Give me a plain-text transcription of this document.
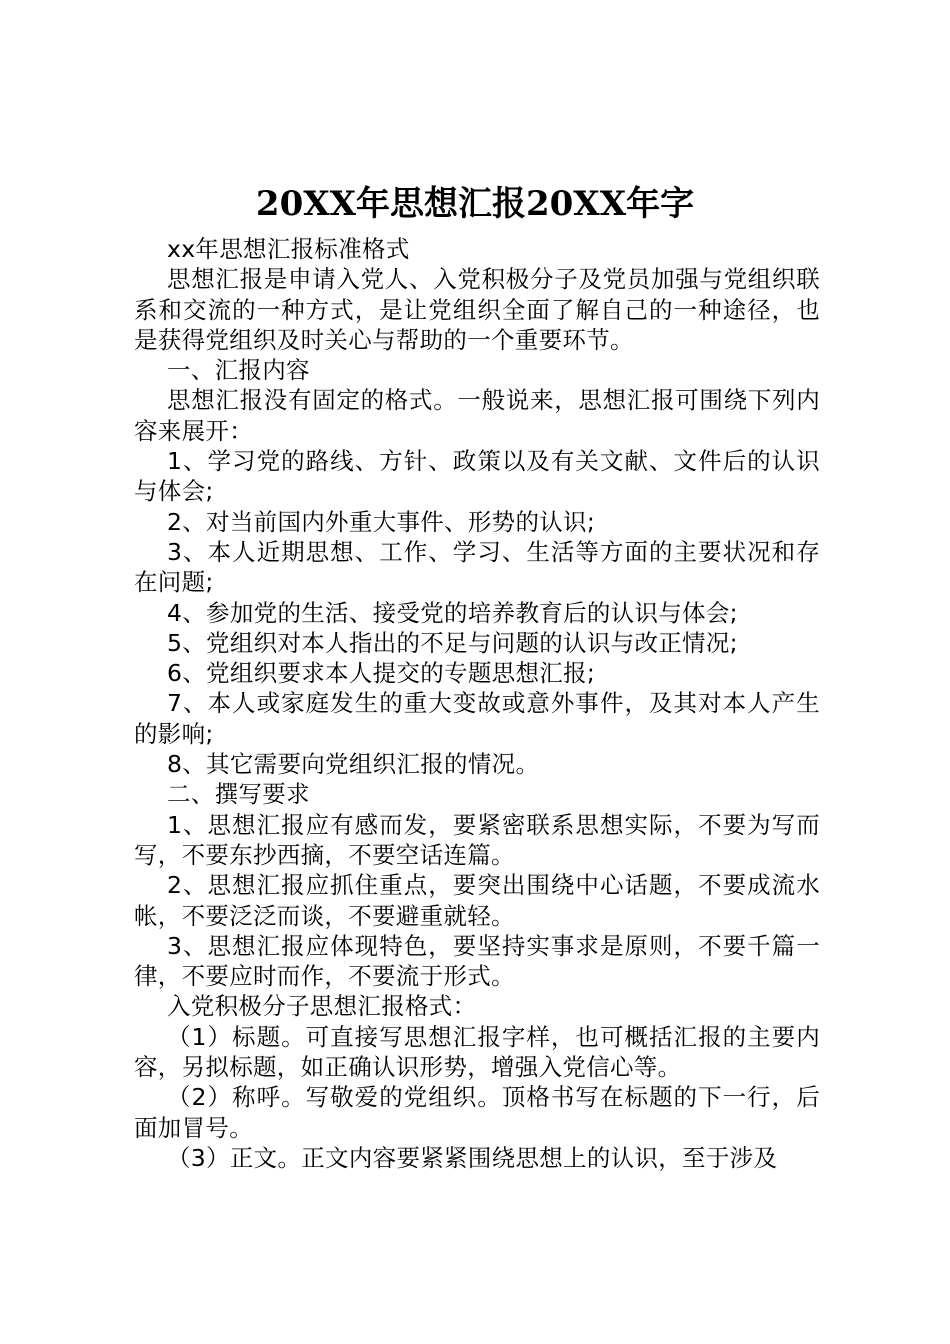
20XX年思想汇报20XX年字

xx年思想汇报标准格式

思想汇报是申请入党人、入党积极分子及党员加强与党组织联系和交流的一种方式，是让党组织全面了解自己的一种途径，也是获得党组织及时关心与帮助的一个重要环节。

一、汇报内容

思想汇报没有固定的格式。一般说来，思想汇报可围绕下列内容来展开：

1、学习党的路线、方针、政策以及有关文献、文件后的认识与体会;

2、对当前国内外重大事件、形势的认识;

3、本人近期思想、工作、学习、生活等方面的主要状况和存在问题;

4、参加党的生活、接受党的培养教育后的认识与体会;

5、党组织对本人指出的不足与问题的认识与改正情况;

6、党组织要求本人提交的专题思想汇报;

7、本人或家庭发生的重大变故或意外事件，及其对本人产生的影响;

8、其它需要向党组织汇报的情况。

二、撰写要求

1、思想汇报应有感而发，要紧密联系思想实际，不要为写而写，不要东抄西摘，不要空话连篇。

2、思想汇报应抓住重点，要突出围绕中心话题，不要成流水帐，不要泛泛而谈，不要避重就轻。

3、思想汇报应体现特色，要坚持实事求是原则，不要千篇一律，不要应时而作，不要流于形式。

入党积极分子思想汇报格式：

（1）标题。可直接写思想汇报字样，也可概括汇报的主要内容，另拟标题，如正确认识形势，增强入党信心等。

（2）称呼。写敬爱的党组织。顶格书写在标题的下一行，后面加冒号。

（3）正文。正文内容要紧紧围绕思想上的认识，至于涉及
